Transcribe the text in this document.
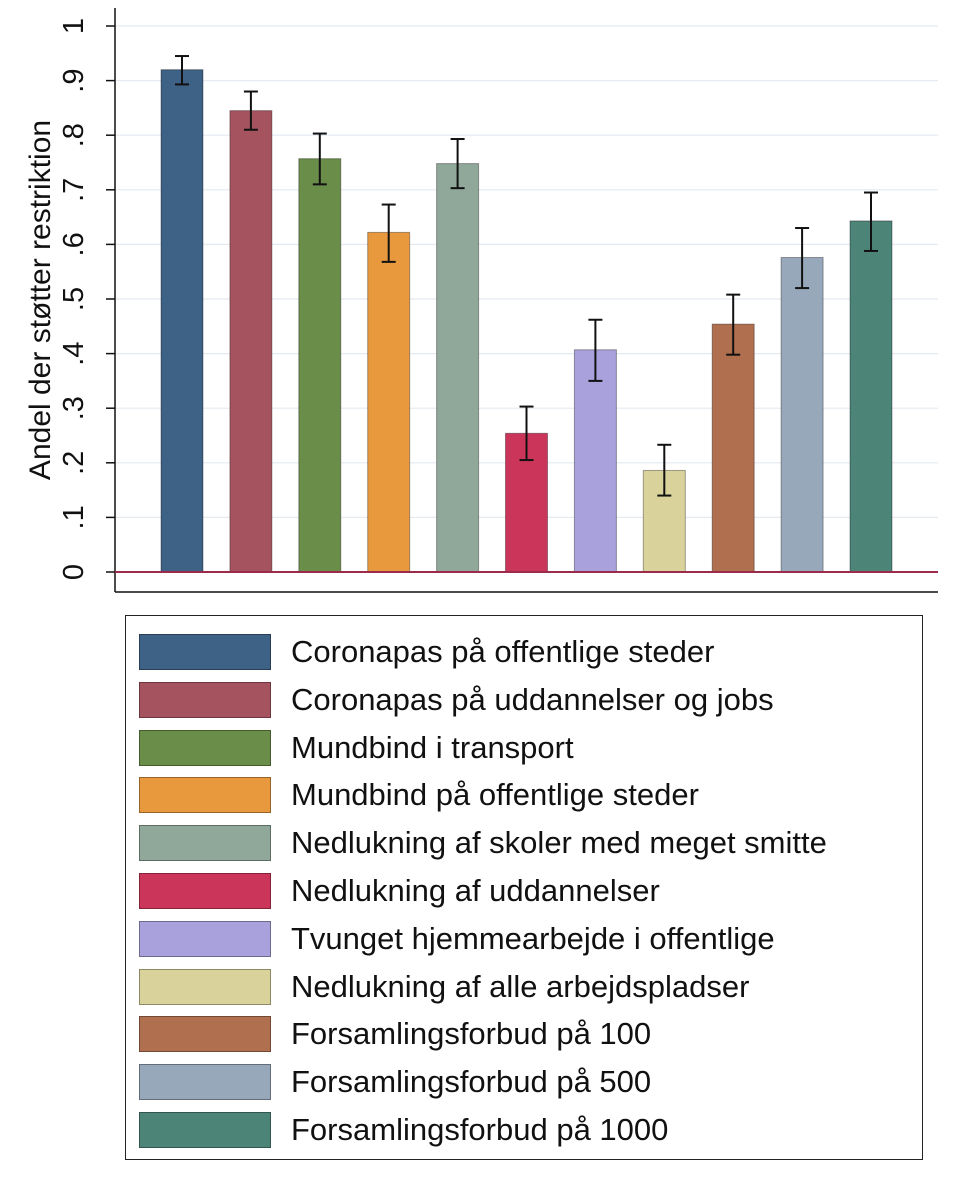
0
.1
.2
.3
.4
.5
.6
.7
.8
.9
1
Andel der støtter restriktion
Coronapas på offentlige steder
Coronapas på uddannelser og jobs
Mundbind i transport
Mundbind på offentlige steder
Nedlukning af skoler med meget smitte
Nedlukning af uddannelser
Tvunget hjemmearbejde i offentlige
Nedlukning af alle arbejdspladser
Forsamlingsforbud på 100
Forsamlingsforbud på 500
Forsamlingsforbud på 1000
